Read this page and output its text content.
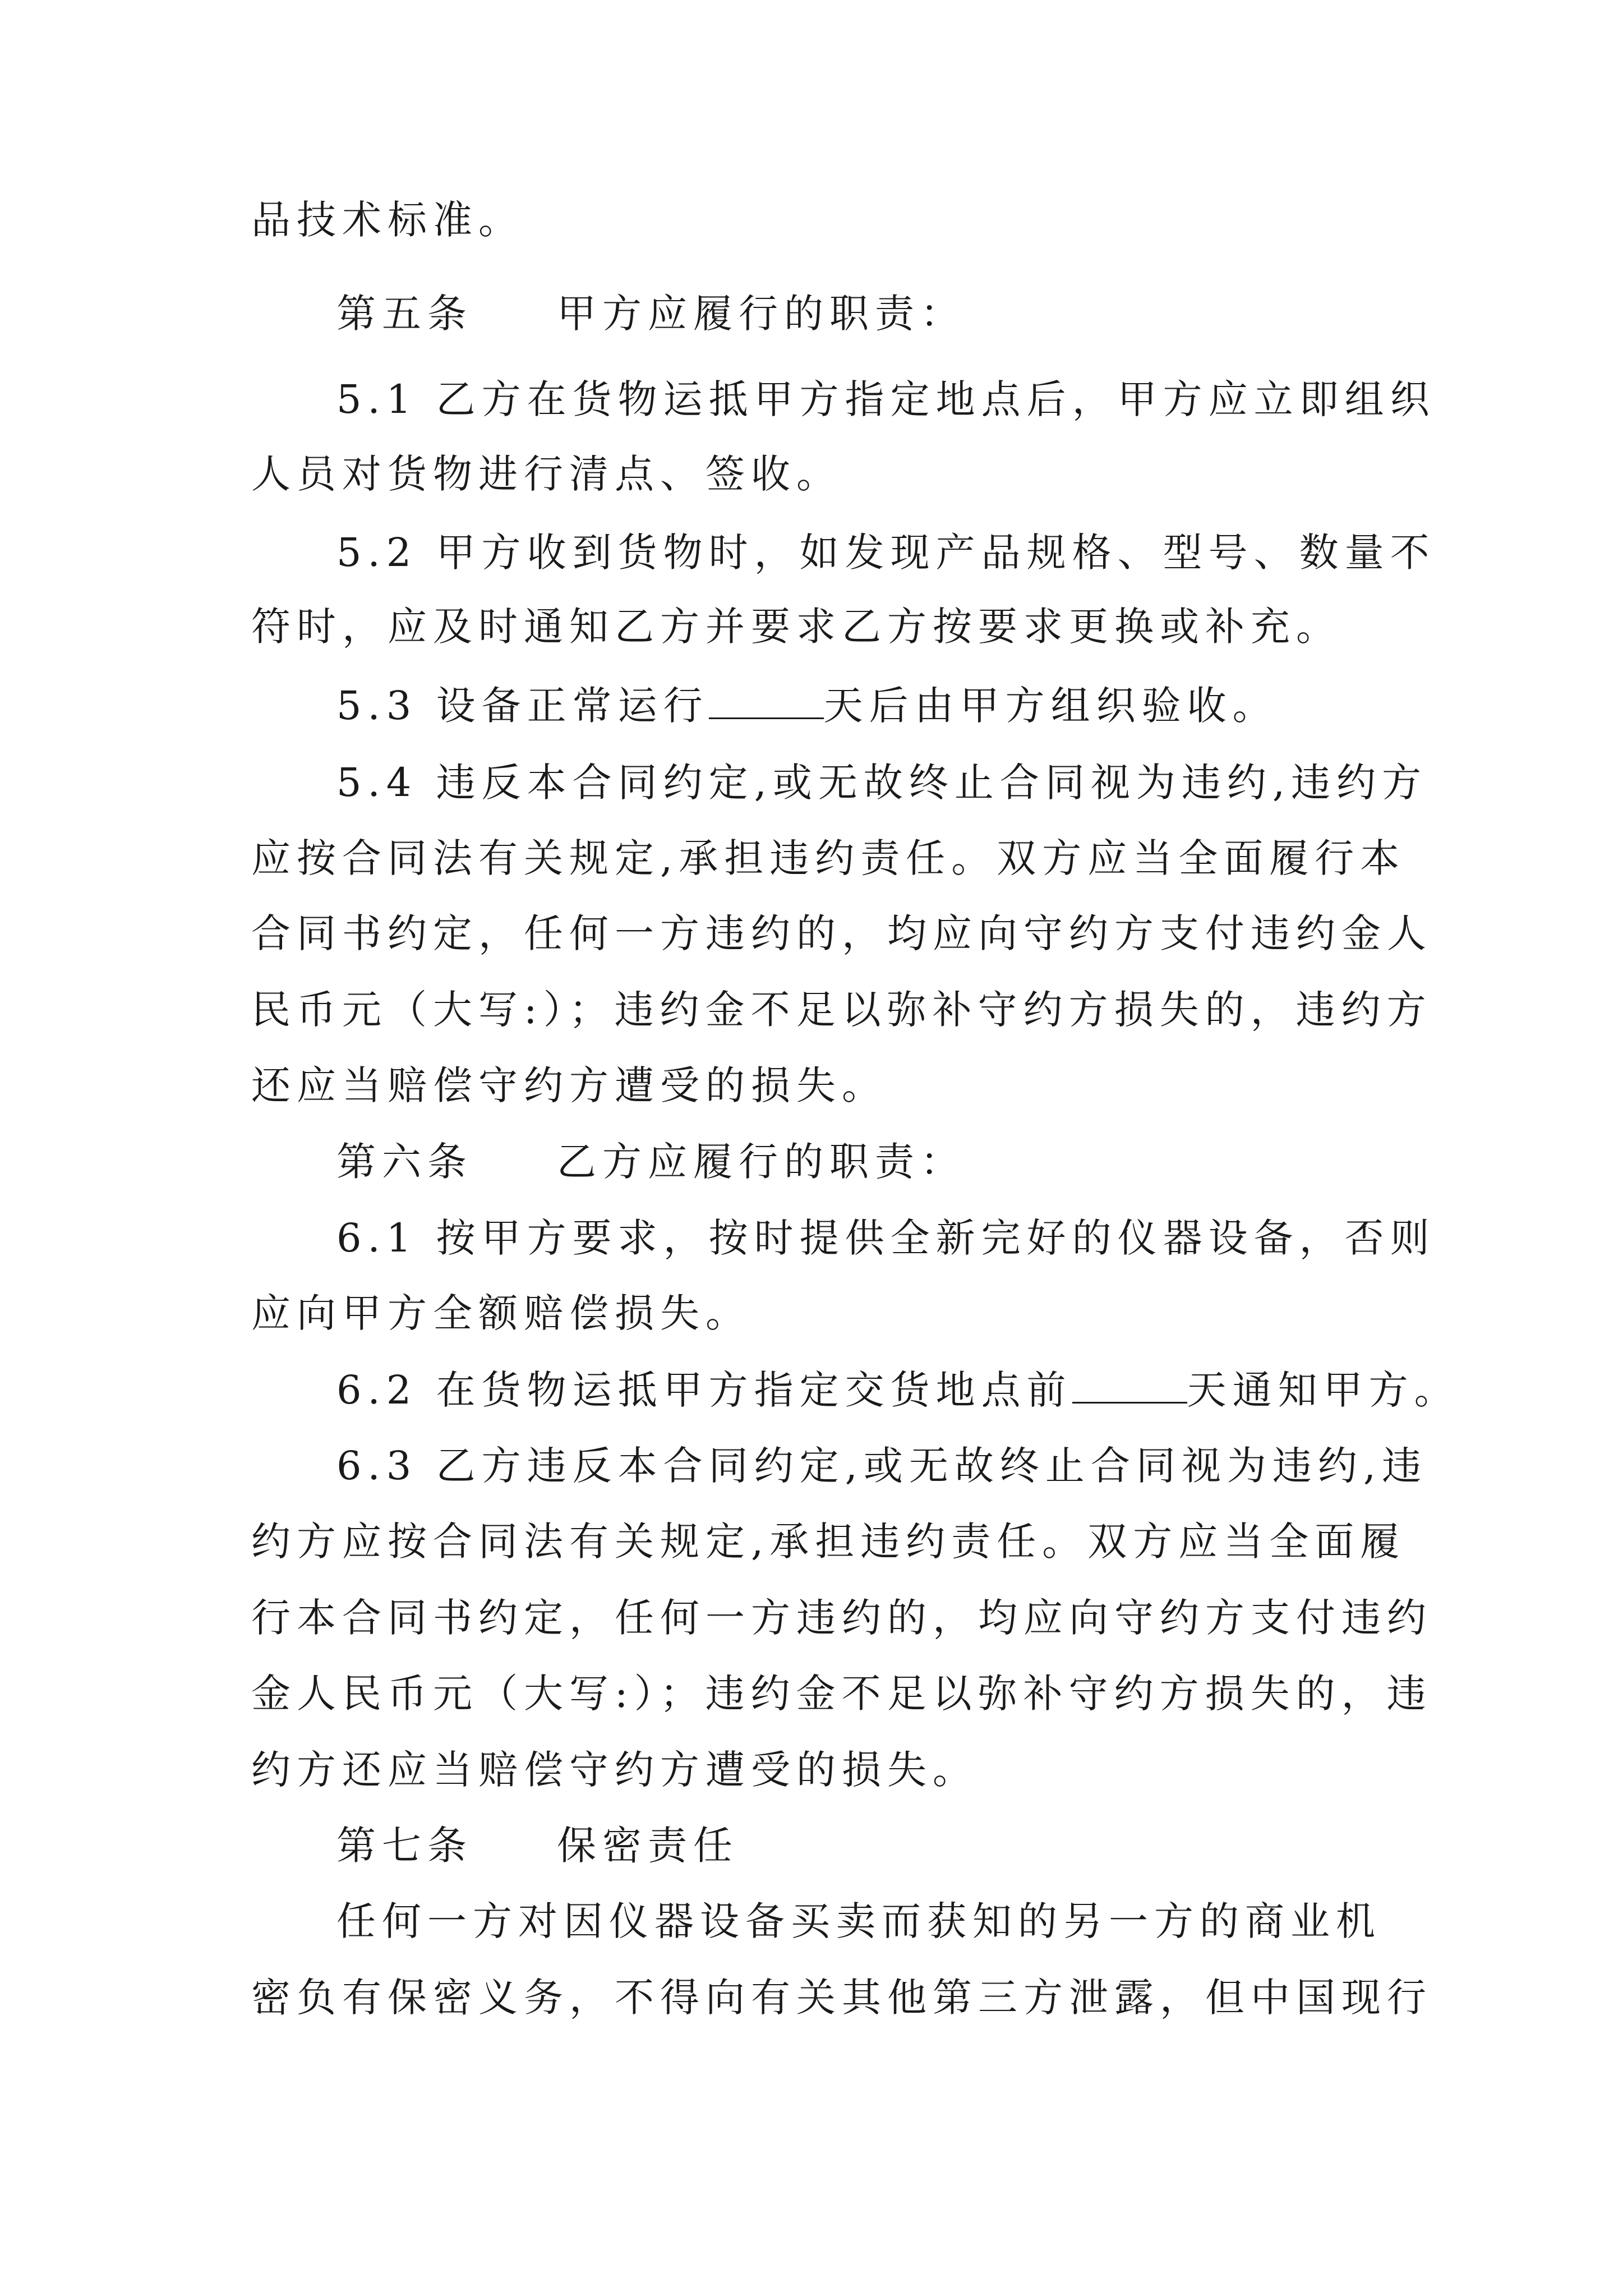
品技术标准。

第五条 甲方应履行的职责：

5.1 乙方在货物运抵甲方指定地点后，甲方应立即组织

人员对货物进行清点、签收。

5.2 甲方收到货物时，如发现产品规格、型号、数量不

符时，应及时通知乙方并要求乙方按要求更换或补充。

5.3 设备正常运行	天后由甲方组织验收。

5.4 违反本合同约定,或无故终止合同视为违约,违约方

应按合同法有关规定,承担违约责任。双方应当全面履行本

合同书约定，任何一方违约的，均应向守约方支付违约金人

民币元（大写:）；违约金不足以弥补守约方损失的，违约方

还应当赔偿守约方遭受的损失。

第六条 乙方应履行的职责：

6.1 按甲方要求，按时提供全新完好的仪器设备，否则

应向甲方全额赔偿损失。

6.2 在货物运抵甲方指定交货地点前	天通知甲方。

6.3 乙方违反本合同约定,或无故终止合同视为违约,违

约方应按合同法有关规定,承担违约责任。双方应当全面履

行本合同书约定，任何一方违约的，均应向守约方支付违约

金人民币元（大写:）；违约金不足以弥补守约方损失的，违

约方还应当赔偿守约方遭受的损失。

第七条 保密责任

任何一方对因仪器设备买卖而获知的另一方的商业机

密负有保密义务，不得向有关其他第三方泄露，但中国现行
